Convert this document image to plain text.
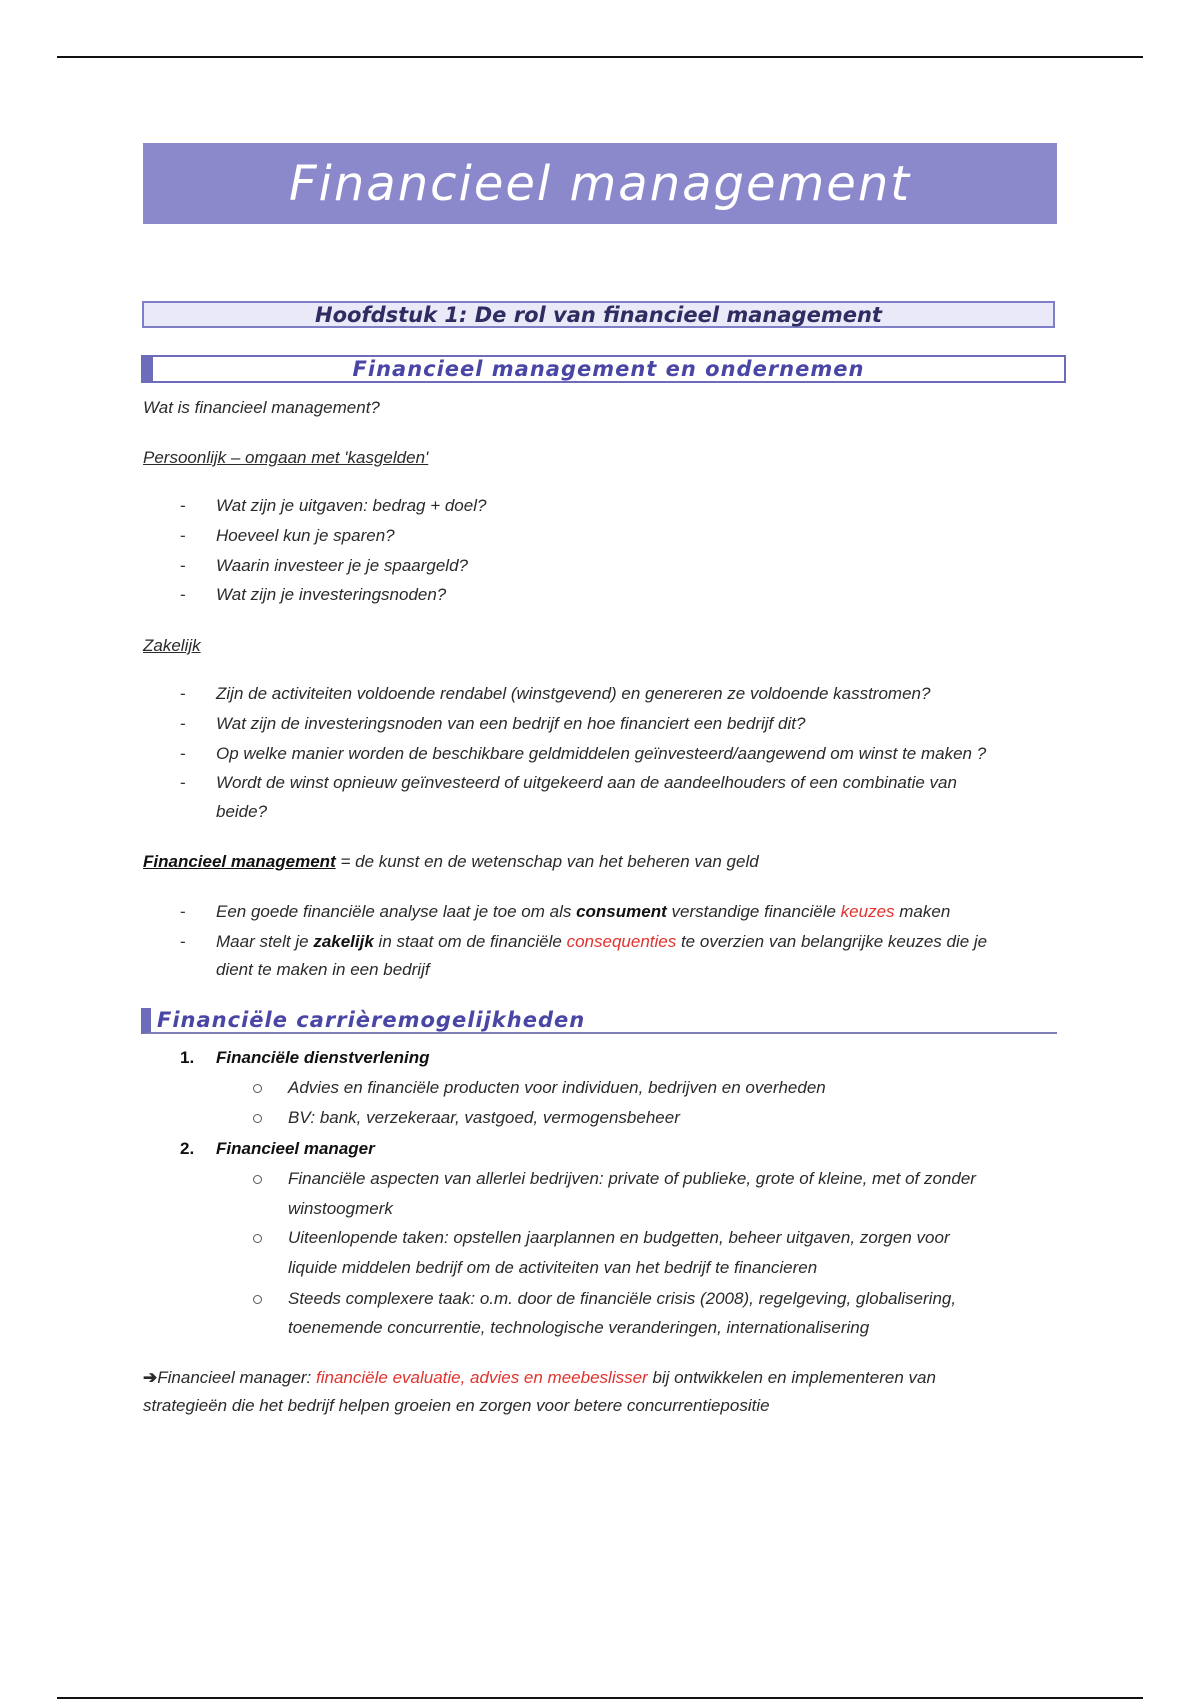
Financieel management
Hoofdstuk 1: De rol van financieel management
Financieel management en ondernemen
Wat is financieel management?
Persoonlijk – omgaan met 'kasgelden'
- Wat zijn je uitgaven: bedrag + doel?
- Hoeveel kun je sparen?
- Waarin investeer je je spaargeld?
- Wat zijn je investeringsnoden?
Zakelijk
- Zijn de activiteiten voldoende rendabel (winstgevend) en genereren ze voldoende kasstromen?
- Wat zijn de investeringsnoden van een bedrijf en hoe financiert een bedrijf dit?
- Op welke manier worden de beschikbare geldmiddelen geïnvesteerd/aangewend om winst te maken ?
- Wordt de winst opnieuw geïnvesteerd of uitgekeerd aan de aandeelhouders of een combinatie van
beide?
Financieel management = de kunst en de wetenschap van het beheren van geld
- Een goede financiële analyse laat je toe om als consument verstandige financiële keuzes maken
- Maar stelt je zakelijk in staat om de financiële consequenties te overzien van belangrijke keuzes die je
dient te maken in een bedrijf
Financiële carrièremogelijkheden
1. Financiële dienstverlening
Advies en financiële producten voor individuen, bedrijven en overheden
BV: bank, verzekeraar, vastgoed, vermogensbeheer
2. Financieel manager
Financiële aspecten van allerlei bedrijven: private of publieke, grote of kleine, met of zonder
winstoogmerk
Uiteenlopende taken: opstellen jaarplannen en budgetten, beheer uitgaven, zorgen voor
liquide middelen bedrijf om de activiteiten van het bedrijf te financieren
Steeds complexere taak: o.m. door de financiële crisis (2008), regelgeving, globalisering,
toenemende concurrentie, technologische veranderingen, internationalisering
➔Financieel manager: financiële evaluatie, advies en meebeslisser bij ontwikkelen en implementeren van
strategieën die het bedrijf helpen groeien en zorgen voor betere concurrentiepositie
